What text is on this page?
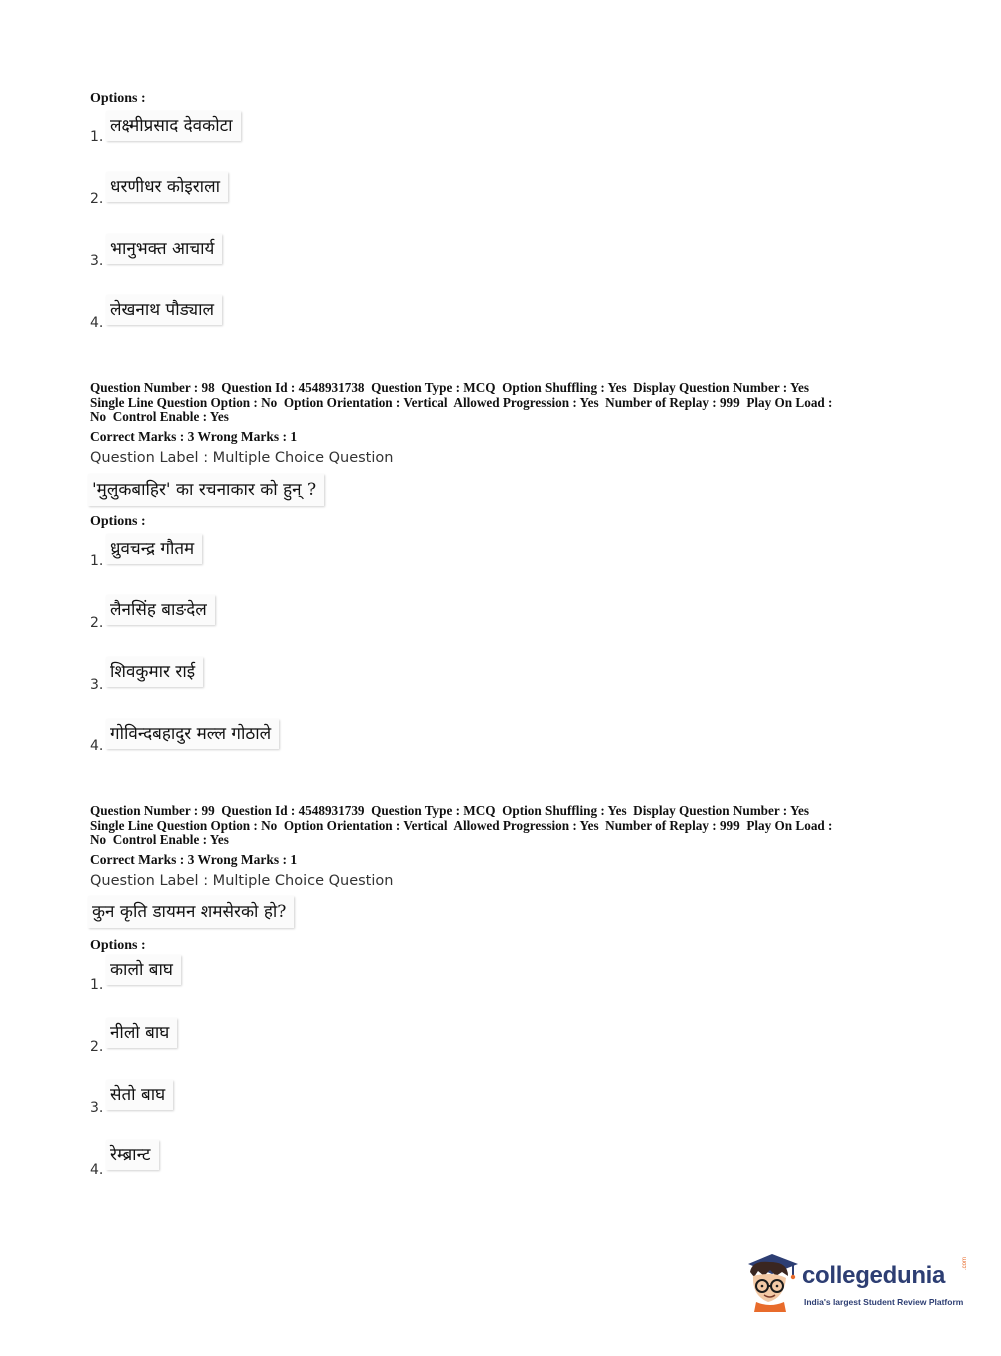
Options :
1.
लक्ष्मीप्रसाद देवकोटा
2.
धरणीधर कोइराला
3.
भानुभक्त आचार्य
4.
लेखनाथ पौड्याल
Question Number : 98  Question Id : 4548931738  Question Type : MCQ  Option Shuffling : Yes  Display Question Number : Yes
Single Line Question Option : No  Option Orientation : Vertical  Allowed Progression : Yes  Number of Replay : 999  Play On Load :
No  Control Enable : Yes
Correct Marks : 3 Wrong Marks : 1
Question Label : Multiple Choice Question
'मुलुकबाहिर' का रचनाकार को हुन् ?
Options :
1.
ध्रुवचन्द्र गौतम
2.
लैनसिंह बाङदेल
3.
शिवकुमार राई
4.
गोविन्दबहादुर मल्ल गोठाले
Question Number : 99  Question Id : 4548931739  Question Type : MCQ  Option Shuffling : Yes  Display Question Number : Yes
Single Line Question Option : No  Option Orientation : Vertical  Allowed Progression : Yes  Number of Replay : 999  Play On Load :
No  Control Enable : Yes
Correct Marks : 3 Wrong Marks : 1
Question Label : Multiple Choice Question
कुन कृति डायमन शमसेरको हो?
Options :
1.
कालो बाघ
2.
नीलो बाघ
3.
सेतो बाघ
4.
रेम्ब्रान्ट
collegedunia	.com
India's largest Student Review Platform
